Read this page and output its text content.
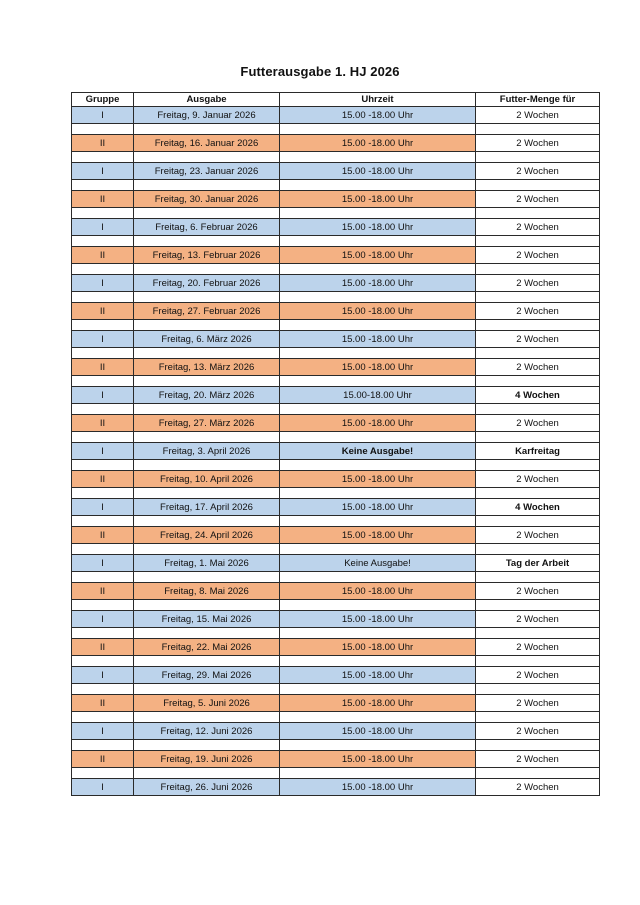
Futterausgabe 1. HJ 2026
Gruppe	Ausgabe	Uhrzeit	Futter-Menge für
I	Freitag, 9. Januar 2026	15.00 -18.00 Uhr	2 Wochen

II	Freitag, 16. Januar 2026	15.00 -18.00 Uhr	2 Wochen

I	Freitag, 23. Januar 2026	15.00 -18.00 Uhr	2 Wochen

II	Freitag, 30. Januar 2026	15.00 -18.00 Uhr	2 Wochen

I	Freitag, 6. Februar 2026	15.00 -18.00 Uhr	2 Wochen

II	Freitag, 13. Februar 2026	15.00 -18.00 Uhr	2 Wochen

I	Freitag, 20. Februar 2026	15.00 -18.00 Uhr	2 Wochen

II	Freitag, 27. Februar 2026	15.00 -18.00 Uhr	2 Wochen

I	Freitag, 6. März 2026	15.00 -18.00 Uhr	2 Wochen

II	Freitag, 13. März 2026	15.00 -18.00 Uhr	2 Wochen

I	Freitag, 20. März 2026	15.00-18.00 Uhr	4 Wochen

II	Freitag, 27. März 2026	15.00 -18.00 Uhr	2 Wochen

I	Freitag, 3. April 2026	Keine Ausgabe!	Karfreitag

II	Freitag, 10. April 2026	15.00 -18.00 Uhr	2 Wochen

I	Freitag, 17. April 2026	15.00 -18.00 Uhr	4 Wochen

II	Freitag, 24. April 2026	15.00 -18.00 Uhr	2 Wochen

I	Freitag, 1. Mai 2026	Keine Ausgabe!	Tag der Arbeit

II	Freitag, 8. Mai 2026	15.00 -18.00 Uhr	2 Wochen

I	Freitag, 15. Mai 2026	15.00 -18.00 Uhr	2 Wochen

II	Freitag, 22. Mai 2026	15.00 -18.00 Uhr	2 Wochen

I	Freitag, 29. Mai 2026	15.00 -18.00 Uhr	2 Wochen

II	Freitag, 5. Juni 2026	15.00 -18.00 Uhr	2 Wochen

I	Freitag, 12. Juni 2026	15.00 -18.00 Uhr	2 Wochen

II	Freitag, 19. Juni 2026	15.00 -18.00 Uhr	2 Wochen

I	Freitag, 26. Juni 2026	15.00 -18.00 Uhr	2 Wochen
